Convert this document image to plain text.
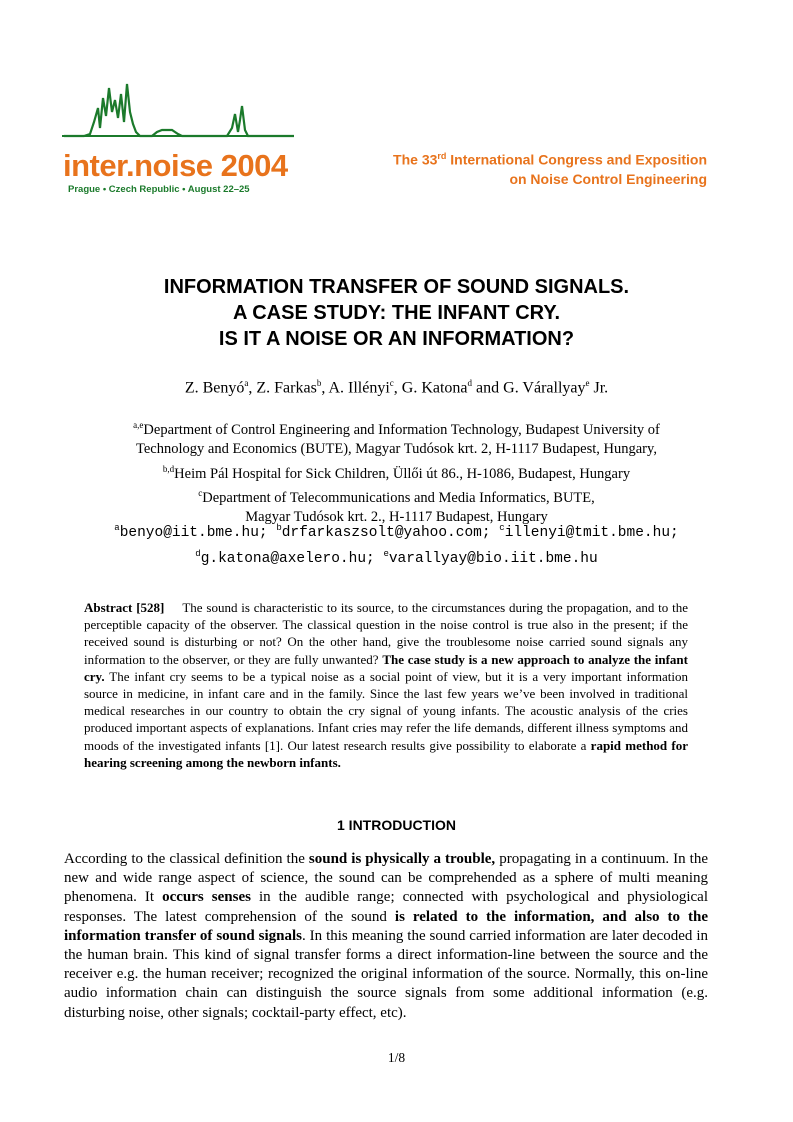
inter.noise 2004
Prague • Czech Republic • August 22–25
The 33rd International Congress and Exposition
on Noise Control Engineering
INFORMATION TRANSFER OF SOUND SIGNALS.
A CASE STUDY: THE INFANT CRY.
IS IT A NOISE OR AN INFORMATION?
Z. Benyó$^a$, Z. Farkas$^b$, A. Illényi$^c$, G. Katona$^d$ and G. Várallyay$^e$ Jr.
$^{a,e}$Department of Control Engineering and Information Technology, Budapest University of
Technology and Economics (BUTE), Magyar Tudósok krt. 2, H-1117 Budapest, Hungary,
$^{b,d}$Heim Pál Hospital for Sick Children, Üllői út 86., H-1086, Budapest, Hungary
$^c$Department of Telecommunications and Media Informatics, BUTE,
Magyar Tudósok krt. 2., H-1117 Budapest, Hungary
$^a$benyo@iit.bme.hu; $^b$drfarkaszsolt@yahoo.com; $^c$illenyi@tmit.bme.hu;
$^d$g.katona@axelero.hu; $^e$varallyay@bio.iit.bme.hu
Abstract [528] The sound is characteristic to its source, to the circumstances during the propagation, and to the perceptible capacity of the observer. The classical question in the noise control is true also in the present; if the received sound is disturbing or not? On the other hand, give the troublesome noise carried sound signals any information to the observer, or they are fully unwanted? The case study is a new approach to analyze the infant cry. The infant cry seems to be a typical noise as a social point of view, but it is a very important information source in medicine, in infant care and in the family. Since the last few years we’ve been involved in traditional medical researches in our country to obtain the cry signal of young infants. The acoustic analysis of the cries produced important aspects of explanations. Infant cries may refer the life demands, different illness symptoms and moods of the investigated infants [1]. Our latest research results give possibility to elaborate a rapid method for hearing screening among the newborn infants.
1 INTRODUCTION
According to the classical definition the sound is physically a trouble, propagating in a continuum. In the new and wide range aspect of science, the sound can be comprehended as a sphere of multi meaning phenomena. It occurs senses in the audible range; connected with psychological and physiological responses. The latest comprehension of the sound is related to the information, and also to the information transfer of sound signals. In this meaning the sound carried information are later decoded in the human brain. This kind of signal transfer forms a direct information-line between the source and the receiver e.g. the human receiver; recognized the original information of the source. Normally, this on-line audio information chain can distinguish the source signals from some additional information (e.g. disturbing noise, other signals; cocktail-party effect, etc).
1/8
